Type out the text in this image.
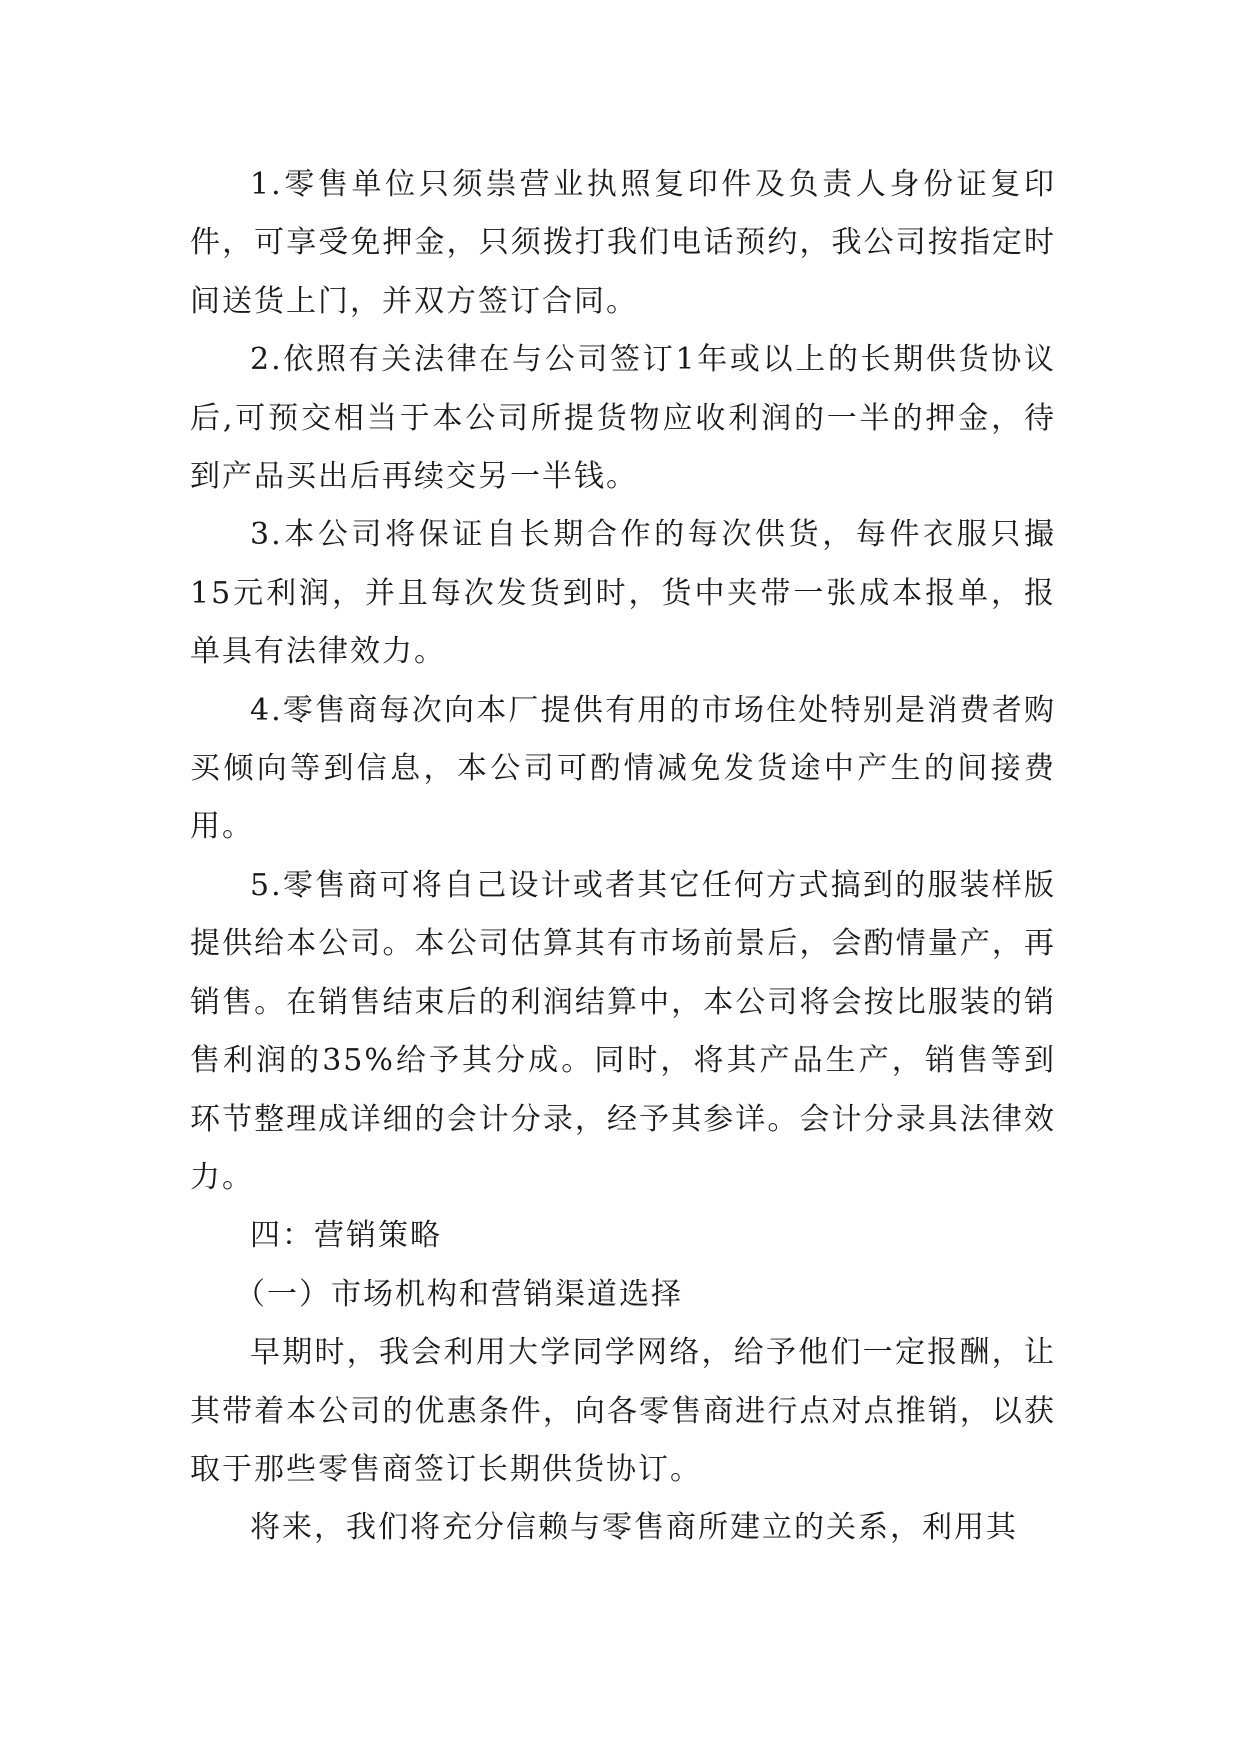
1.零售单位只须祟营业执照复印件及负责人身份证复印件，可享受免押金，只须拨打我们电话预约，我公司按指定时间送货上门，并双方签订合同。

2.依照有关法律在与公司签订1年或以上的长期供货协议后,可预交相当于本公司所提货物应收利润的一半的押金，待到产品买出后再续交另一半钱。

3.本公司将保证自长期合作的每次供货，每件衣服只撮15元利润，并且每次发货到时，货中夹带一张成本报单，报单具有法律效力。

4.零售商每次向本厂提供有用的市场住处特别是消费者购买倾向等到信息，本公司可酌情减免发货途中产生的间接费用。

5.零售商可将自己设计或者其它任何方式搞到的服装样版提供给本公司。本公司估算其有市场前景后，会酌情量产，再销售。在销售结束后的利润结算中，本公司将会按比服装的销售利润的35%给予其分成。同时，将其产品生产，销售等到环节整理成详细的会计分录，经予其参详。会计分录具法律效力。

四：营销策略

（一）市场机构和营销渠道选择

早期时，我会利用大学同学网络，给予他们一定报酬，让其带着本公司的优惠条件，向各零售商进行点对点推销，以获取于那些零售商签订长期供货协订。

将来，我们将充分信赖与零售商所建立的关系，利用其
